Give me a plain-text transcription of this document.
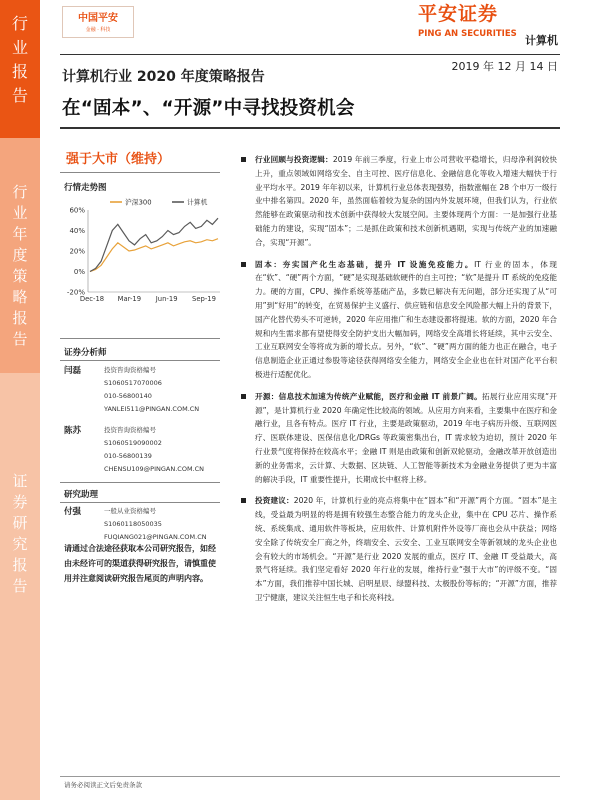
行
业
报
告
行
业
年
度
策
略
报
告
证
券
研
究
报
告
中国平安
金融 · 科技
平安证券
PING AN SECURITIES 计算机
2019 年 12 月 14 日
计算机行业 2020 年度策略报告
在“固本”、“开源”中寻找投资机会
强于大市（维持）
行情走势图
-20%
0%
20%
40%
60%
Dec-18 Mar-19 Jun-19 Sep-19
沪深300	计算机
证券分析师
闫磊	投资咨询资格编号
S1060517070006
010-56800140
YANLEI511@PINGAN.COM.CN
陈苏	投资咨询资格编号
S1060519090002
010-56800139
CHENSU109@PINGAN.COM.CN
研究助理
付强	一般从业资格编号
S1060118050035
FUQIANG021@PINGAN.COM.CN
请通过合法途径获取本公司研究报告，如经由未经许可的渠道获得研究报告，请慎重使用并注意阅读研究报告尾页的声明内容。
行业回顾与投资逻辑：2019 年前三季度，行业上市公司营收平稳增长，归母净利润较快上升，重点领域如网络安全、自主可控、医疗信息化、金融信息化等收入增速大幅快于行业平均水平。2019 年年初以来，计算机行业总体表现强势，指数涨幅在 28 个申万一级行业中排名第四。2020 年，虽然面临着较为复杂的国内外发展环境，但我们认为，行业依然能够在政策驱动和技术创新中获得较大发展空间。主要体现两个方面：一是加强行业基础能力的建设，实现“固本”；二是抓住政策和技术创新机遇期，实现与传统产业的加速融合，实现“开源”。
固本：夯实国产化生态基础，提升 IT 设施免疫能力。IT 行业的固本，体现在“软”、“硬”两个方面，“硬”是实现基础软硬件的自主可控；“软”是提升 IT 系统的免疫能力。硬的方面，CPU、操作系统等基础产品，多数已解决有无问题，部分还实现了从“可用”到“好用”的转变，在贸易保护主义盛行、供应链和信息安全风险都大幅上升的背景下，国产化替代势头不可逆转，2020 年应用推广和生态建设都将提速。软的方面，2020 年合规和内生需求都有望使得安全防护支出大幅加码，网络安全高增长将延续，其中云安全、工业互联网安全等将成为新的增长点。另外，“软”、“硬”两方面的能力也正在融合，电子信息制造企业正通过参股等途径获得网络安全能力，网络安全企业也在针对国产化平台积极进行适配优化。
开源：信息技术加速为传统产业赋能，医疗和金融 IT 前景广阔。拓展行业应用实现“开源”，是计算机行业 2020 年确定性比较高的领域。从应用方向来看，主要集中在医疗和金融行业，且各有特点。医疗 IT 行业，主要是政策驱动，2019 年电子病历升级、互联网医疗、医联体建设、医保信息化/DRGs 等政策密集出台，IT 需求较为迫切，预计 2020 年行业景气度将保持在较高水平；金融 IT 则是由政策和创新双轮驱动，金融改革开放创造出新的业务需求，云计算、大数据、区块链、人工智能等新技术为金融业务提供了更为丰富的解决手段，IT 重要性提升，长期成长中枢将上移。
投资建议：2020 年，计算机行业的亮点将集中在“固本”和“开源”两个方面。“固本”是主线，受益最为明显的将是拥有较强生态整合能力的龙头企业，集中在 CPU 芯片、操作系统、系统集成、通用软件等板块，应用软件、计算机附件外设等厂商也会从中获益；网络安全除了传统安全厂商之外，终端安全、云安全、工业互联网安全等新领域的龙头企业也会有较大的市场机会。“开源”是行业 2020 发展的重点，医疗 IT、金融 IT 受益最大，高景气将延续。我们坚定看好 2020 年行业的发展，维持行业“强于大市”的评级不变。“固本”方面，我们推荐中国长城、启明星辰、绿盟科技、太极股份等标的；“开源”方面，推荐卫宁健康，建议关注恒生电子和长亮科技。
请务必阅读正文后免责条款
